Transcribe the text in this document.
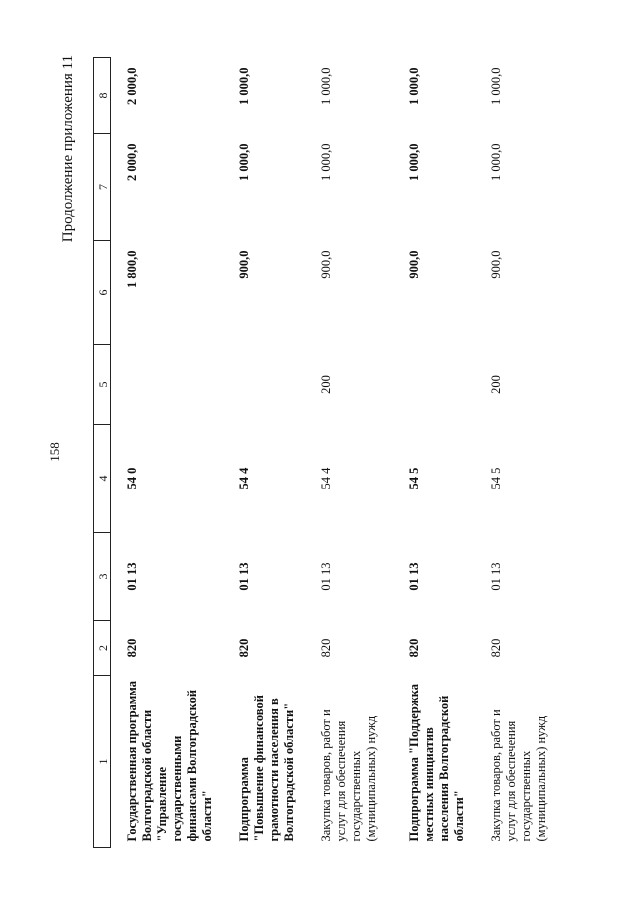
158
Продолжение приложения 11
1	2	3	4	5	6	7	8
Государственная программа Волгоградской области "Управление государственными финансами Волгоградской области"	820	01 13	54 0		1 800,0	2 000,0	2 000,0
Подпрограмма "Повышение финансовой грамотности населения в Волгоградской области"	820	01 13	54 4		900,0	1 000,0	1 000,0
Закупка товаров, работ и услуг для обеспечения государственных (муниципальных) нужд	820	01 13	54 4	200	900,0	1 000,0	1 000,0
Подпрограмма "Поддержка местных инициатив населения Волгоградской области"	820	01 13	54 5		900,0	1 000,0	1 000,0
Закупка товаров, работ и услуг для обеспечения государственных (муниципальных) нужд	820	01 13	54 5	200	900,0	1 000,0	1 000,0
